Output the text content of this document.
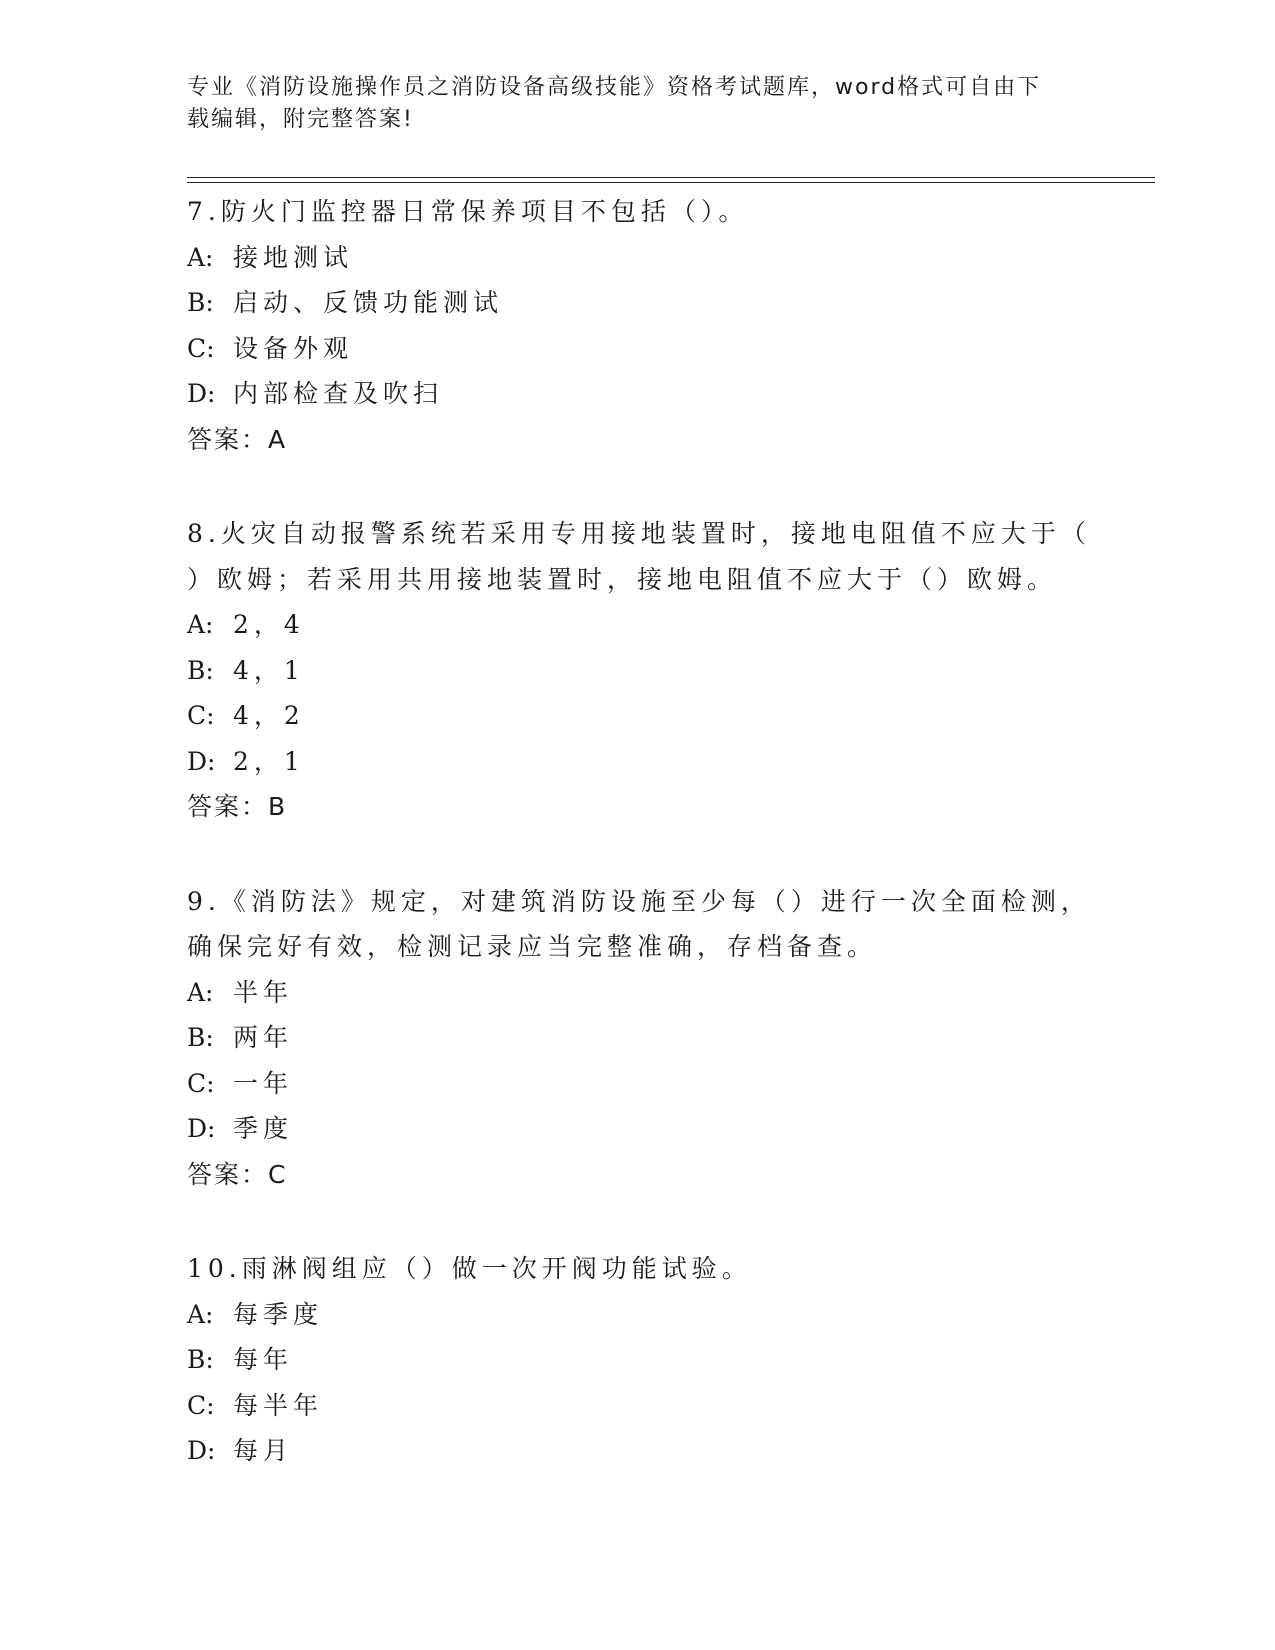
专业《消防设施操作员之消防设备高级技能》资格考试题库，word格式可自由下
载编辑，附完整答案!
7.防火门监控器日常保养项目不包括（）。
A: 接地测试
B: 启动、反馈功能测试
C: 设备外观
D: 内部检查及吹扫
答案：A
8.火灾自动报警系统若采用专用接地装置时，接地电阻值不应大于（
）欧姆；若采用共用接地装置时，接地电阻值不应大于（）欧姆。
A: 2，4
B: 4，1
C: 4，2
D: 2，1
答案：B
9.《消防法》规定，对建筑消防设施至少每（）进行一次全面检测，
确保完好有效，检测记录应当完整准确，存档备查。
A: 半年
B: 两年
C: 一年
D: 季度
答案：C
10.雨淋阀组应（）做一次开阀功能试验。
A: 每季度
B: 每年
C: 每半年
D: 每月
